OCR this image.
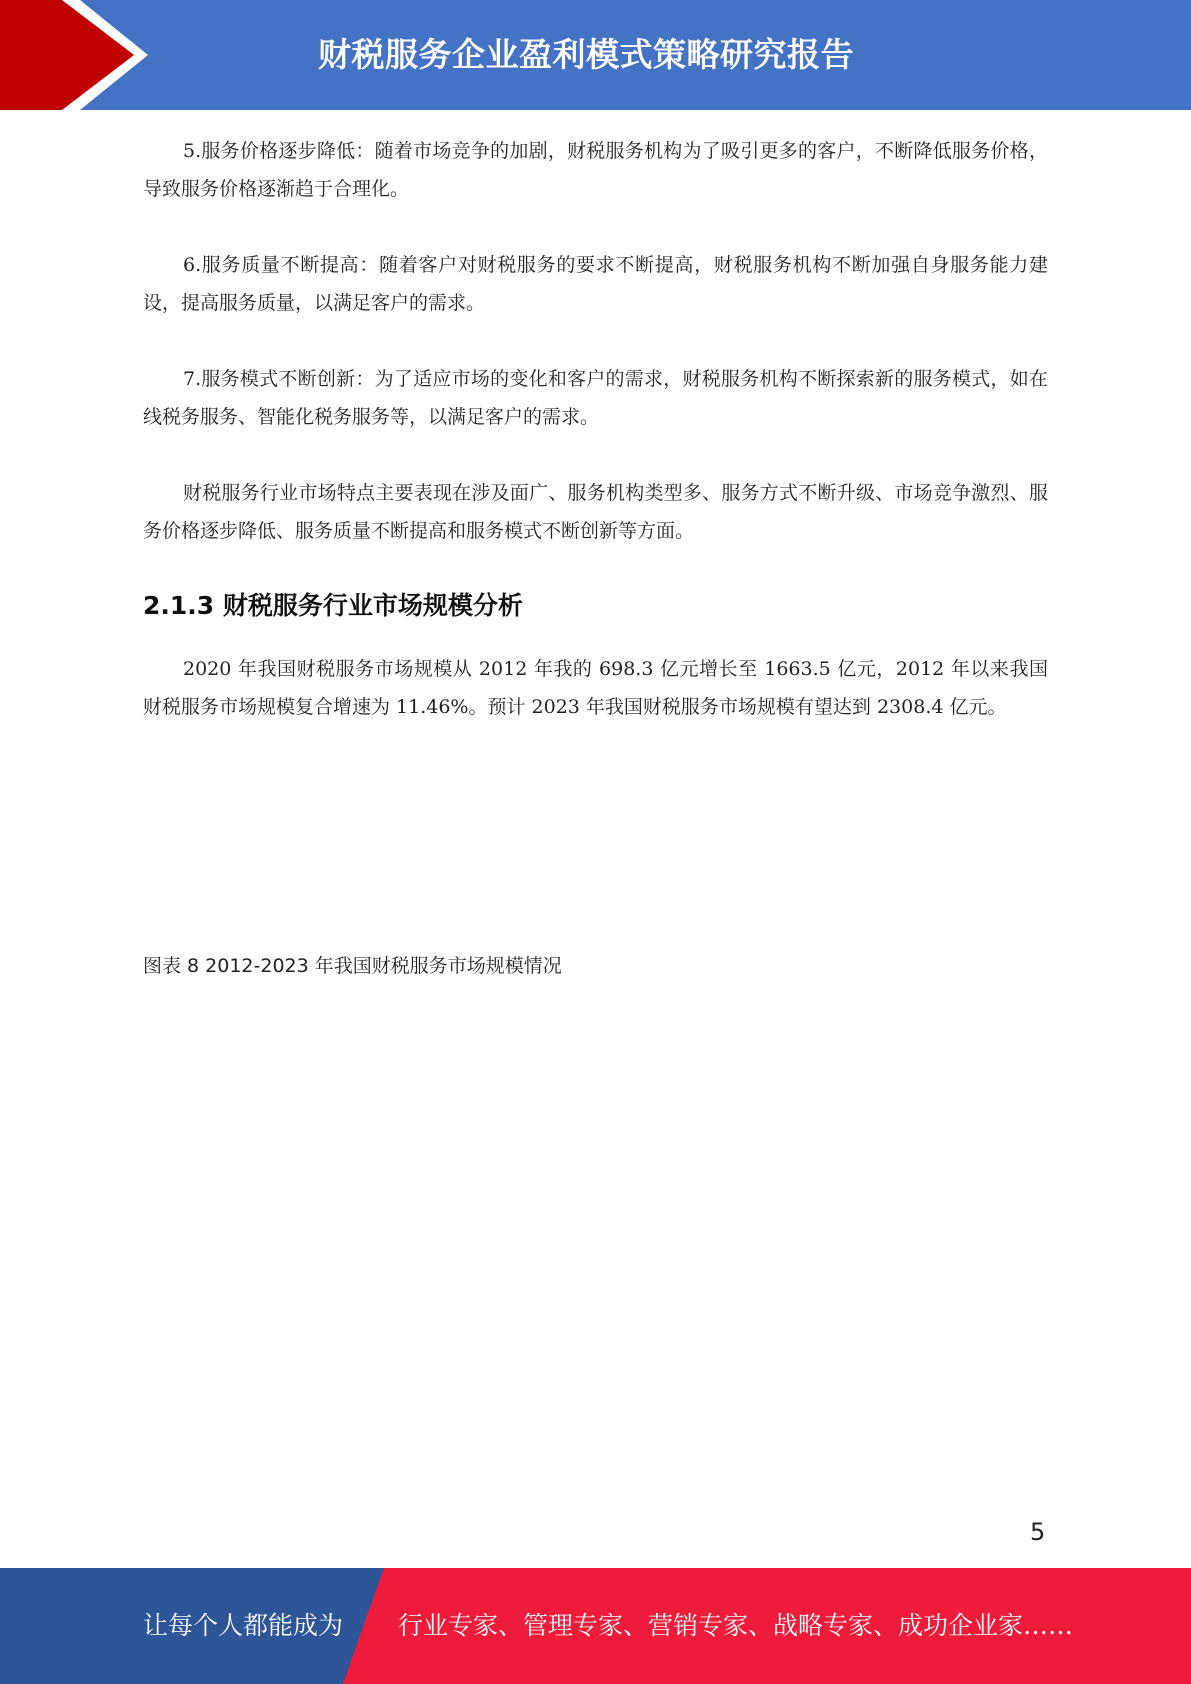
财税服务企业盈利模式策略研究报告

5.服务价格逐步降低：随着市场竞争的加剧，财税服务机构为了吸引更多的客户，不断降低服务价格，导致服务价格逐渐趋于合理化。

6.服务质量不断提高：随着客户对财税服务的要求不断提高，财税服务机构不断加强自身服务能力建设，提高服务质量，以满足客户的需求。

7.服务模式不断创新：为了适应市场的变化和客户的需求，财税服务机构不断探索新的服务模式，如在线税务服务、智能化税务服务等，以满足客户的需求。

财税服务行业市场特点主要表现在涉及面广、服务机构类型多、服务方式不断升级、市场竞争激烈、服务价格逐步降低、服务质量不断提高和服务模式不断创新等方面。

2.1.3 财税服务行业市场规模分析

2020 年我国财税服务市场规模从 2012 年我的 698.3 亿元增长至 1663.5 亿元，2012 年以来我国财税服务市场规模复合增速为 11.46%。预计 2023 年我国财税服务市场规模有望达到 2308.4 亿元。

图表 8 2012-2023 年我国财税服务市场规模情况
5
让每个人都能成为 行业专家、管理专家、营销专家、战略专家、成功企业家……
